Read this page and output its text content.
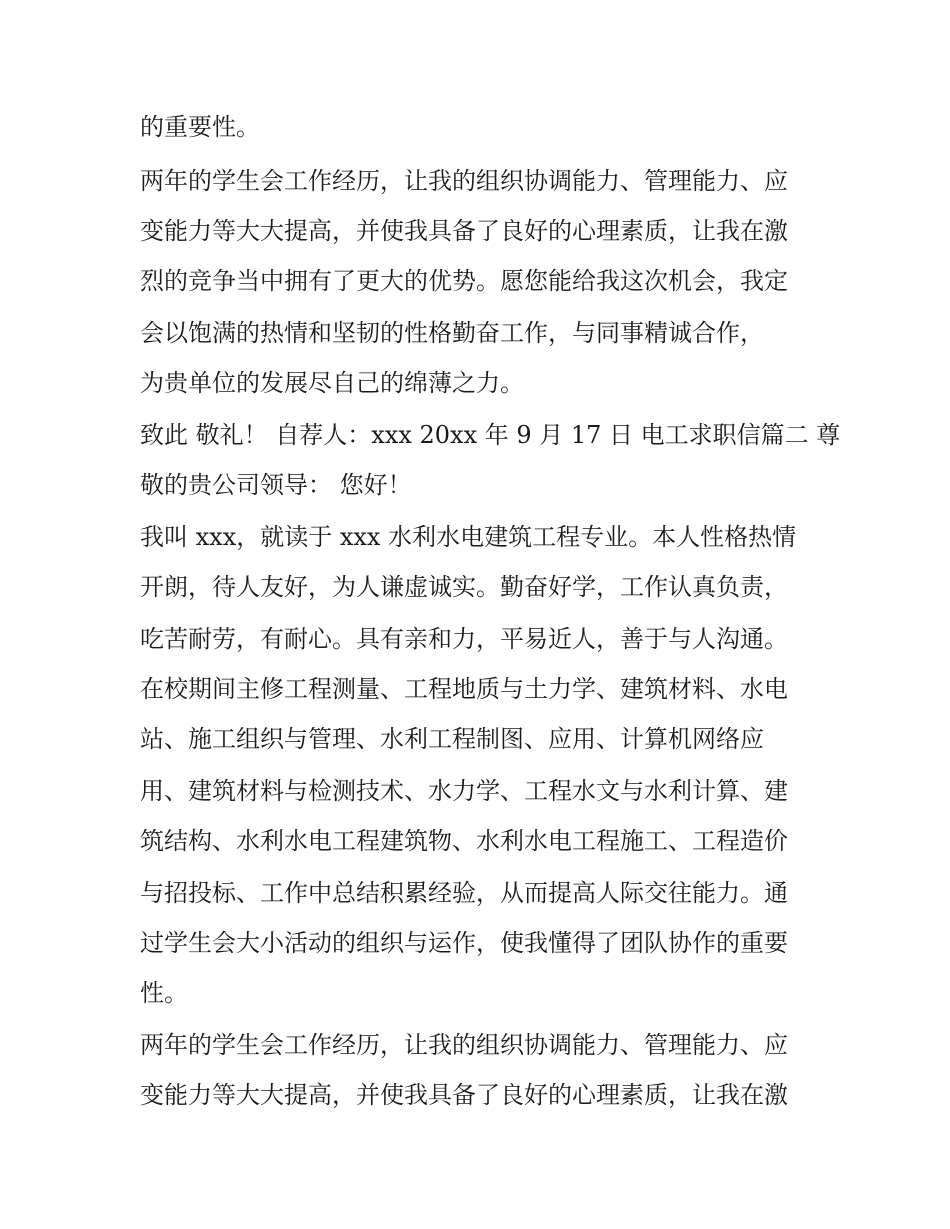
的重要性。

两年的学生会工作经历，让我的组织协调能力、管理能力、应

变能力等大大提高，并使我具备了良好的心理素质，让我在激

烈的竞争当中拥有了更大的优势。愿您能给我这次机会，我定

会以饱满的热情和坚韧的性格勤奋工作，与同事精诚合作，

为贵单位的发展尽自己的绵薄之力。

致此 敬礼！ 自荐人：xxx 20xx 年 9 月 17 日 电工求职信篇二 尊

敬的贵公司领导： 您好！

我叫 xxx，就读于 xxx 水利水电建筑工程专业。本人性格热情

开朗，待人友好，为人谦虚诚实。勤奋好学，工作认真负责，

吃苦耐劳，有耐心。具有亲和力，平易近人，善于与人沟通。

在校期间主修工程测量、工程地质与土力学、建筑材料、水电

站、施工组织与管理、水利工程制图、应用、计算机网络应

用、建筑材料与检测技术、水力学、工程水文与水利计算、建

筑结构、水利水电工程建筑物、水利水电工程施工、工程造价

与招投标、工作中总结积累经验，从而提高人际交往能力。通

过学生会大小活动的组织与运作，使我懂得了团队协作的重要

性。

两年的学生会工作经历，让我的组织协调能力、管理能力、应

变能力等大大提高，并使我具备了良好的心理素质，让我在激
